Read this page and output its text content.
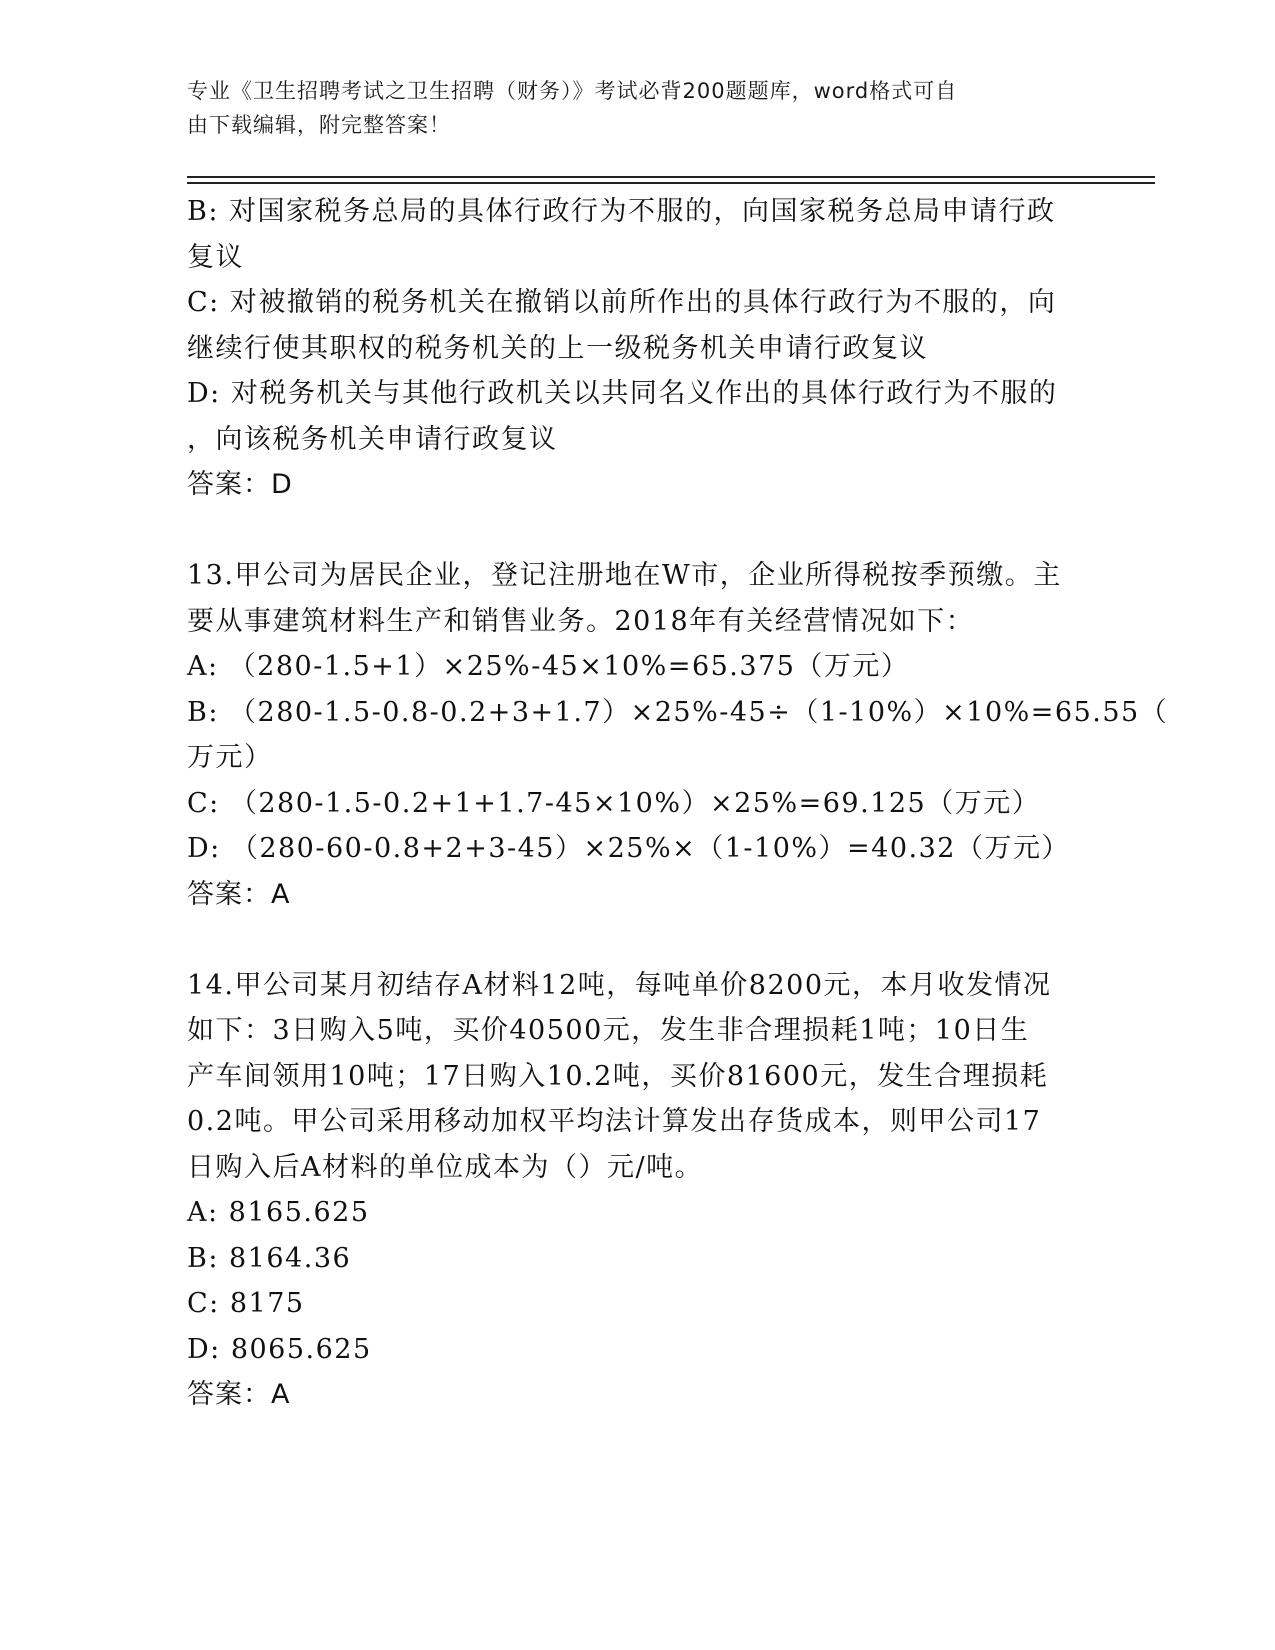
专业《卫生招聘考试之卫生招聘（财务）》考试必背200题题库，word格式可自
由下载编辑，附完整答案！
B: 对国家税务总局的具体行政行为不服的，向国家税务总局申请行政
复议
C: 对被撤销的税务机关在撤销以前所作出的具体行政行为不服的，向
继续行使其职权的税务机关的上一级税务机关申请行政复议
D: 对税务机关与其他行政机关以共同名义作出的具体行政行为不服的
，向该税务机关申请行政复议
答案：D
13.甲公司为居民企业，登记注册地在W市，企业所得税按季预缴。主
要从事建筑材料生产和销售业务。2018年有关经营情况如下：
A: （280-1.5+1）×25%-45×10%=65.375（万元）
B: （280-1.5-0.8-0.2+3+1.7）×25%-45÷（1-10%）×10%=65.55（
万元）
C: （280-1.5-0.2+1+1.7-45×10%）×25%=69.125（万元）
D: （280-60-0.8+2+3-45）×25%×（1-10%）=40.32（万元）
答案：A
14.甲公司某月初结存A材料12吨，每吨单价8200元，本月收发情况
如下：3日购入5吨，买价40500元，发生非合理损耗1吨；10日生
产车间领用10吨；17日购入10.2吨，买价81600元，发生合理损耗
0.2吨。甲公司采用移动加权平均法计算发出存货成本，则甲公司17
日购入后A材料的单位成本为（）元/吨。
A: 8165.625
B: 8164.36
C: 8175
D: 8065.625
答案：A
